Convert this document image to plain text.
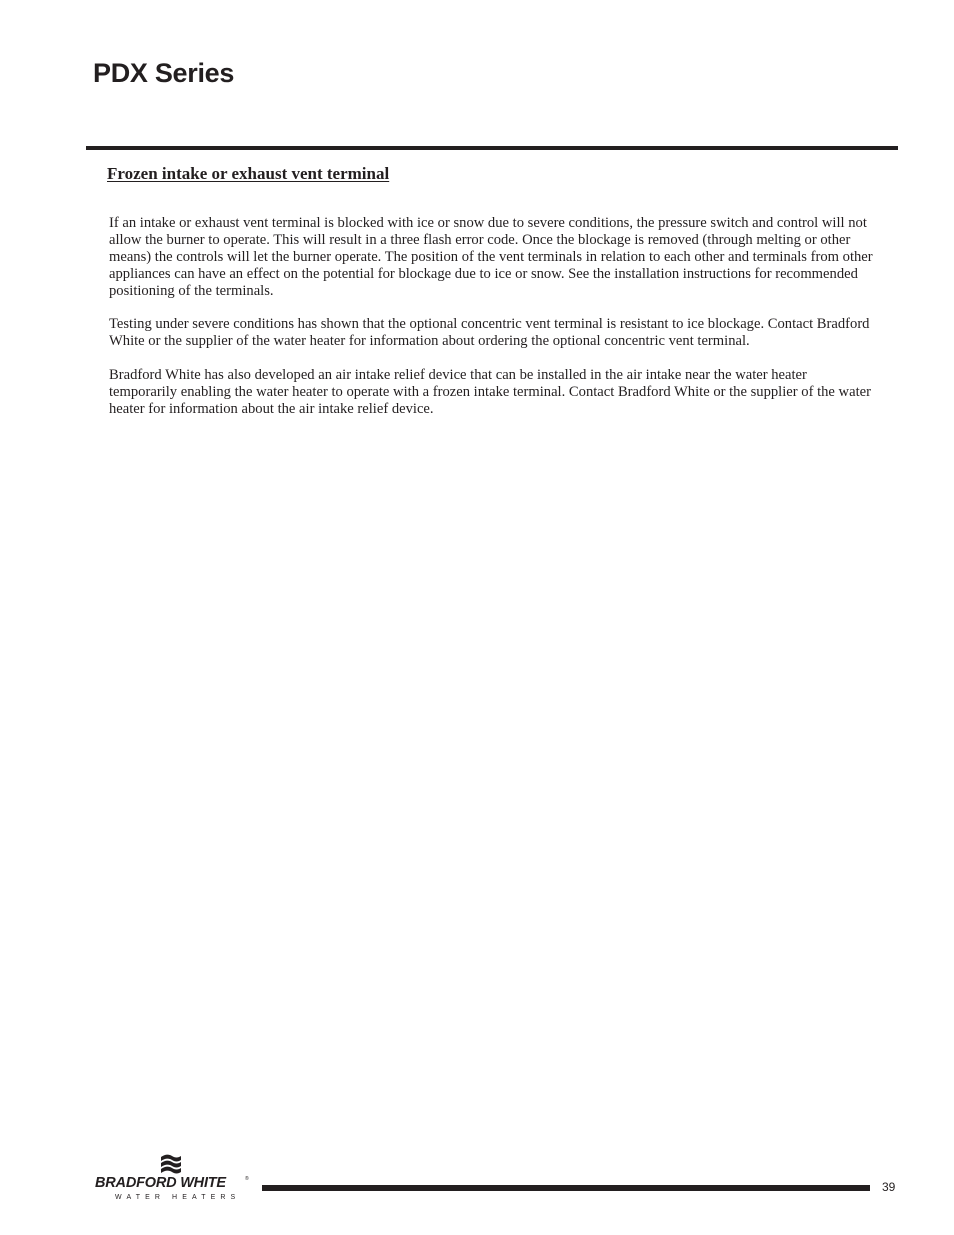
PDX Series
Frozen intake or exhaust vent terminal

If an intake or exhaust vent terminal is blocked with ice or snow due to severe conditions, the pressure switch and control will not allow the burner to operate. This will result in a three flash error code. Once the blockage is removed (through melting or other means) the controls will let the burner operate. The position of the vent terminals in relation to each other and terminals from other appliances can have an effect on the potential for blockage due to ice or snow. See the installation instructions for recommended positioning of the terminals.

Testing under severe conditions has shown that the optional concentric vent terminal is resistant to ice blockage. Contact Bradford White or the supplier of the water heater for information about ordering the optional concentric vent terminal.

Bradford White has also developed an air intake relief device that can be installed in the air intake near the water heater temporarily enabling the water heater to operate with a frozen intake terminal. Contact Bradford White or the supplier of the water heater for information about the air intake relief device.

BRADFORD WHITE	®
WATER HEATERS
39
